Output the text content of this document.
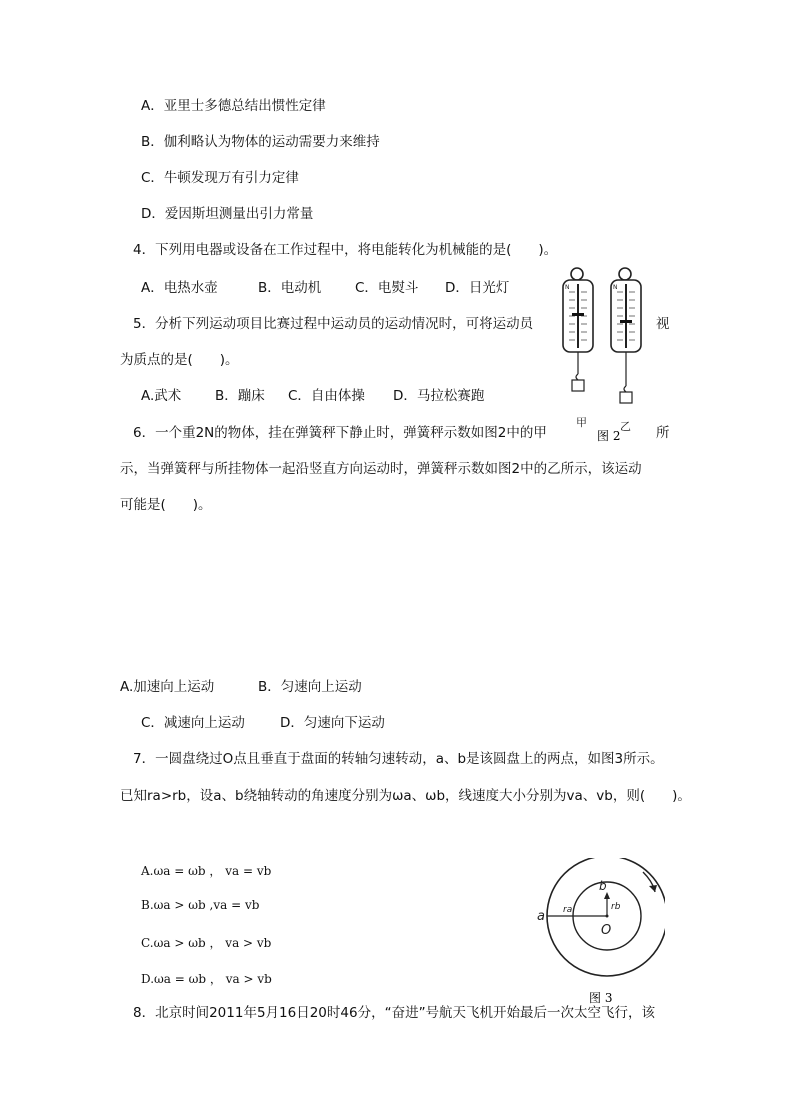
A．亚里士多德总结出惯性定律
B．伽利略认为物体的运动需要力来维持
C．牛顿发现万有引力定律
D．爱因斯坦测量出引力常量
4．下列用电器或设备在工作过程中，将电能转化为机械能的是(　　)。
A．电热水壶	B．电动机 C．电熨斗 D．日光灯
5．分析下列运动项目比赛过程中运动员的运动情况时，可将运动员	视
为质点的是(　　)。
A.武术 B．蹦床 C．自由体操 D．马拉松赛跑
6．一个重2N的物体，挂在弹簧秤下静止时，弹簧秤示数如图2中的甲	所
示，当弹簧秤与所挂物体一起沿竖直方向运动时，弹簧秤示数如图2中的乙所示，该运动
可能是(　　)。
A.加速向上运动	B．匀速向上运动
C．减速向上运动	D．匀速向下运动
N
甲
N
乙
图 2
7．一圆盘绕过O点且垂直于盘面的转轴匀速转动，a、b是该圆盘上的两点，如图3所示。
已知ra>rb，设a、b绕轴转动的角速度分别为ωa、ωb，线速度大小分别为va、vb，则(　　)。
A.ωa = ωb ， va = vb
B.ωa > ωb ,va = vb
C.ωa > ωb ， va > vb
D.ωa = ωb ， va > vb
a
b
ra	rb
O
图 3
8．北京时间2011年5月16日20时46分，“奋进”号航天飞机开始最后一次太空飞行，该
